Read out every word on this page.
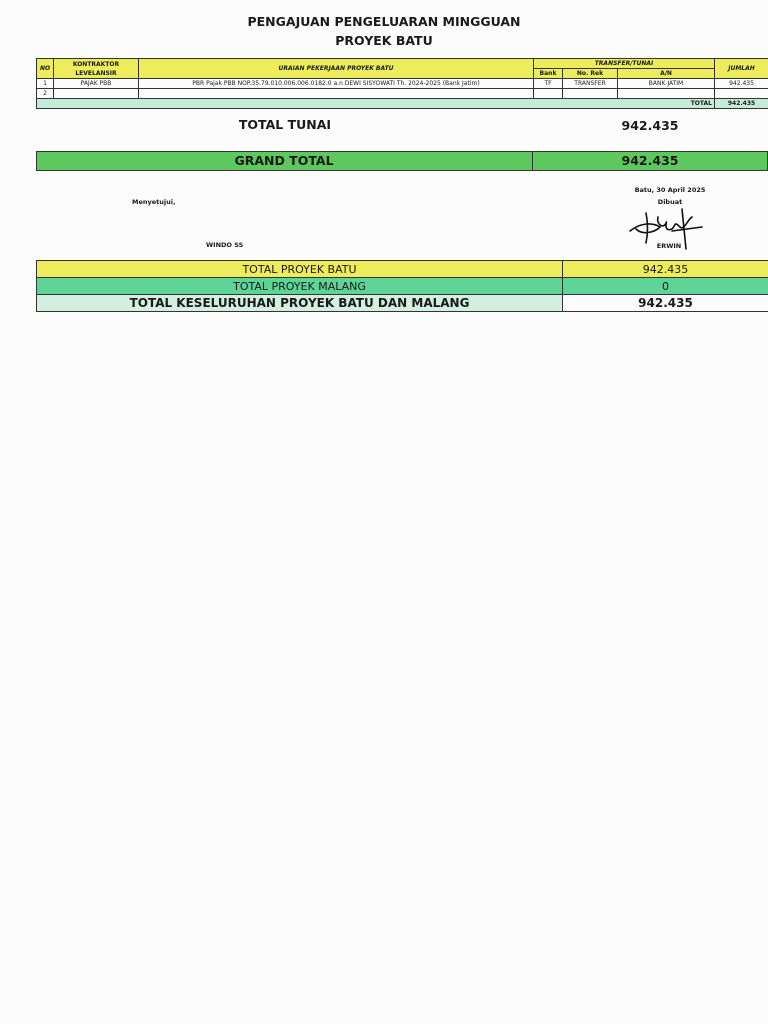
PENGAJUAN PENGELUARAN MINGGUAN
PROYEK BATU
NO	KONTRAKTOR LEVELANSIR	URAIAN PEKERJAAN PROYEK BATU	TRANSFER/TUNAI			JUMLAH
			Bank	No. Rek	A/N	
1	PAJAK PBB	PBR Pajak PBB NOP.35.79.010.006.006.0182.0 a.n DEWI SISYOWATI Th. 2024-2025 (Bank Jatim)	TF	TRANSFER	BANK JATIM	942.435
2						
TOTAL						942.435
TOTAL TUNAI	942.435
GRAND TOTAL	942.435
Batu, 30 April 2025
Dibuat
Menyetujui,
WINDO SS	ERWIN
TOTAL PROYEK BATU	942.435
TOTAL PROYEK MALANG	0
TOTAL KESELURUHAN PROYEK BATU DAN MALANG	942.435
